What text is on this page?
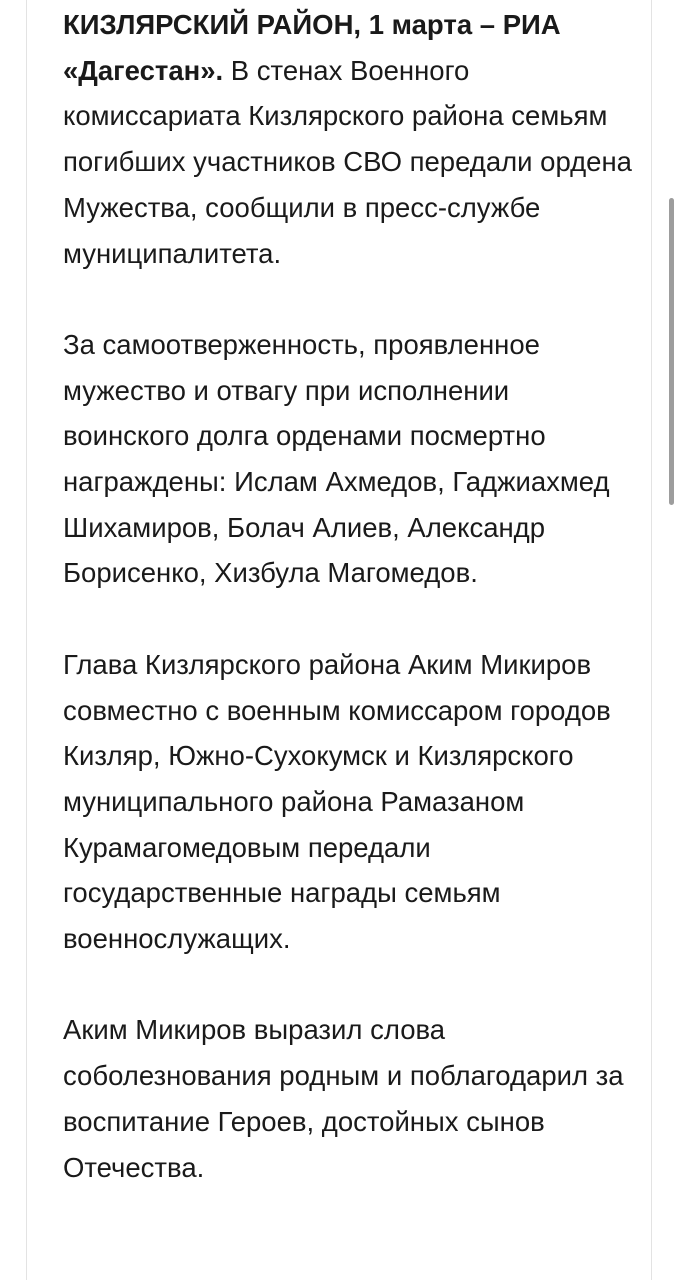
КИЗЛЯРСКИЙ РАЙОН, 1 марта – РИА «Дагестан». В стенах Военного комиссариата Кизлярского района семьям погибших участников СВО передали ордена Мужества, сообщили в пресс-службе муниципалитета.

За самоотверженность, проявленное мужество и отвагу при исполнении воинского долга орденами посмертно награждены: Ислам Ахмедов, Гаджиахмед Шихамиров, Болач Алиев, Александр Борисенко, Хизбула Магомедов.

Глава Кизлярского района Аким Микиров совместно с военным комиссаром городов Кизляр, Южно-Сухокумск и Кизлярского муниципального района Рамазаном Курамагомедовым передали государственные награды семьям военнослужащих.

Аким Микиров выразил слова соболезнования родным и поблагодарил за воспитание Героев, достойных сынов Отечества.
